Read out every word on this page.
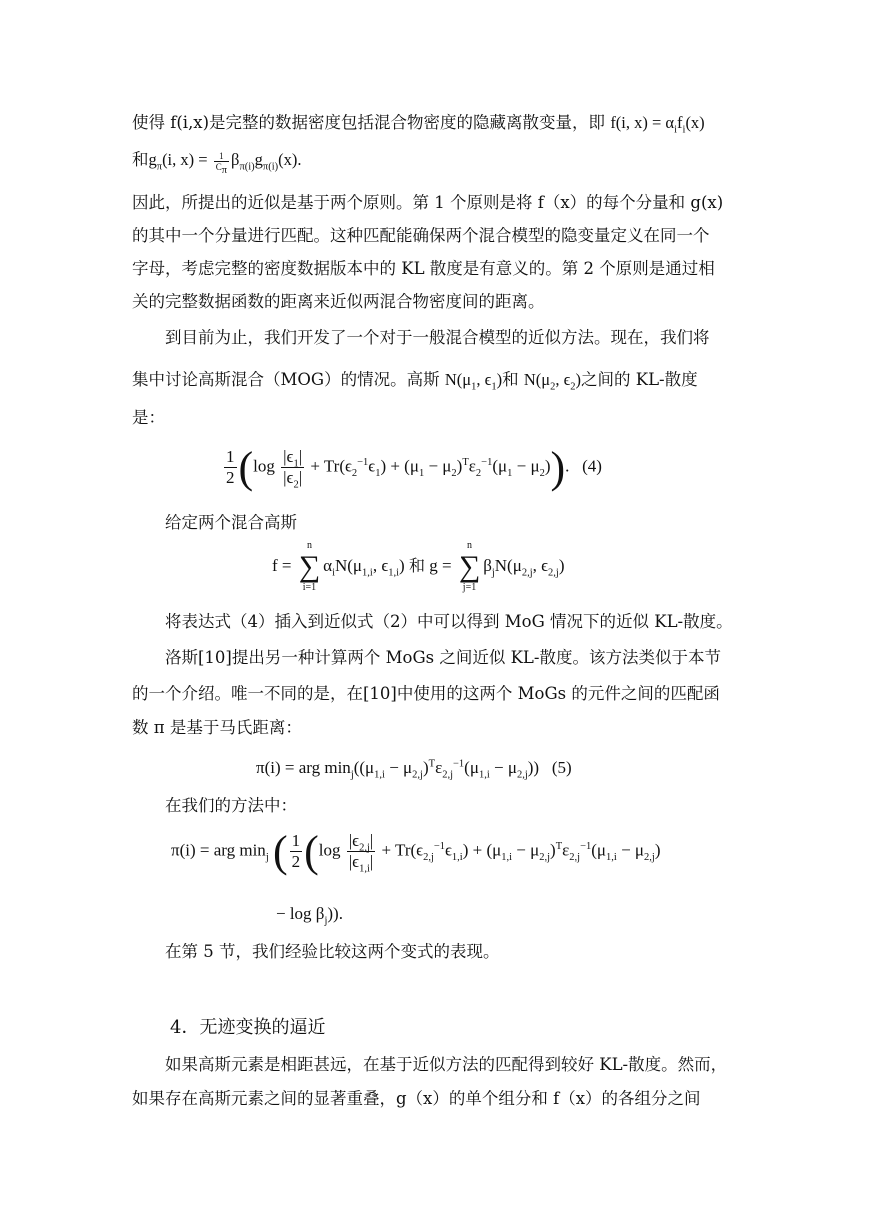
使得 f(i,x)是完整的数据密度包括混合物密度的隐藏离散变量，即 f(i, $x) = \alpha_if_i(x)$
和$g_\pi(i$, $x) = \frac{1}{C_\pi} \beta_{\pi(i)}g_{\pi(i)}(x)$.
因此，所提出的近似是基于两个原则。第 1 个原则是将 f（x）的每个分量和 g(x)
的其中一个分量进行匹配。这种匹配能确保两个混合模型的隐变量定义在同一个
字母，考虑完整的密度数据版本中的 KL 散度是有意义的。第 2 个原则是通过相
关的完整数据函数的距离来近似两混合物密度间的距离。
到目前为止，我们开发了一个对于一般混合模型的近似方法。现在，我们将
集中讨论高斯混合（MOG）的情况。高斯 $N(\mu_1$, $\epsilon_1$)和 $N(\mu_2$, $\epsilon_2$)之间的 KL-散度
是：
$\frac{1}{2} (\log \frac{|\epsilon_1|}{|\epsilon_2|} + Tr(\epsilon_2^{-1}\epsilon_1) + (\mu_1 - \mu_2)^T\varepsilon_2^{-1}(\mu_1 - \mu_2))$.   (4)
给定两个混合高斯
f =
n
∑
i=1
$\alpha_iN(\mu_{1,i}$, $\epsilon_{1,i}$) 和 g =
n
∑
j=1
$\beta_jN(\mu_{2,j}$, $\epsilon_{2,j}$)
将表达式（4）插入到近似式（2）中可以得到 MoG 情况下的近似 KL-散度。
洛斯[10]提出另一种计算两个 MoGs 之间近似 KL-散度。该方法类似于本节
的一个介绍。唯一不同的是，在[10]中使用的这两个 MoGs 的元件之间的匹配函
数 π 是基于马氏距离：
π(i) = arg $\min_j((\mu_{1,i} - \mu_{2,j})^T\varepsilon_{2,j}^{-1}(\mu_{1,i} - \mu_{2,j}))$   (5)
在我们的方法中：
π(i) = arg $\min_j$ ( $\frac{1}{2} (\log \frac{|\epsilon_{2,j}|}{|\epsilon_{1,i}|} + Tr(\epsilon_{2,j}^{-1}\epsilon_{1,i}) + (\mu_{1,i} - \mu_{2,j})^T\varepsilon_{2,j}^{-1}(\mu_{1,i} - \mu_{2,j})$
− $\log \beta_j$)).
在第 5 节，我们经验比较这两个变式的表现。
4．无迹变换的逼近
如果高斯元素是相距甚远，在基于近似方法的匹配得到较好 KL-散度。然而，
如果存在高斯元素之间的显著重叠，g（x）的单个组分和 f（x）的各组分之间
